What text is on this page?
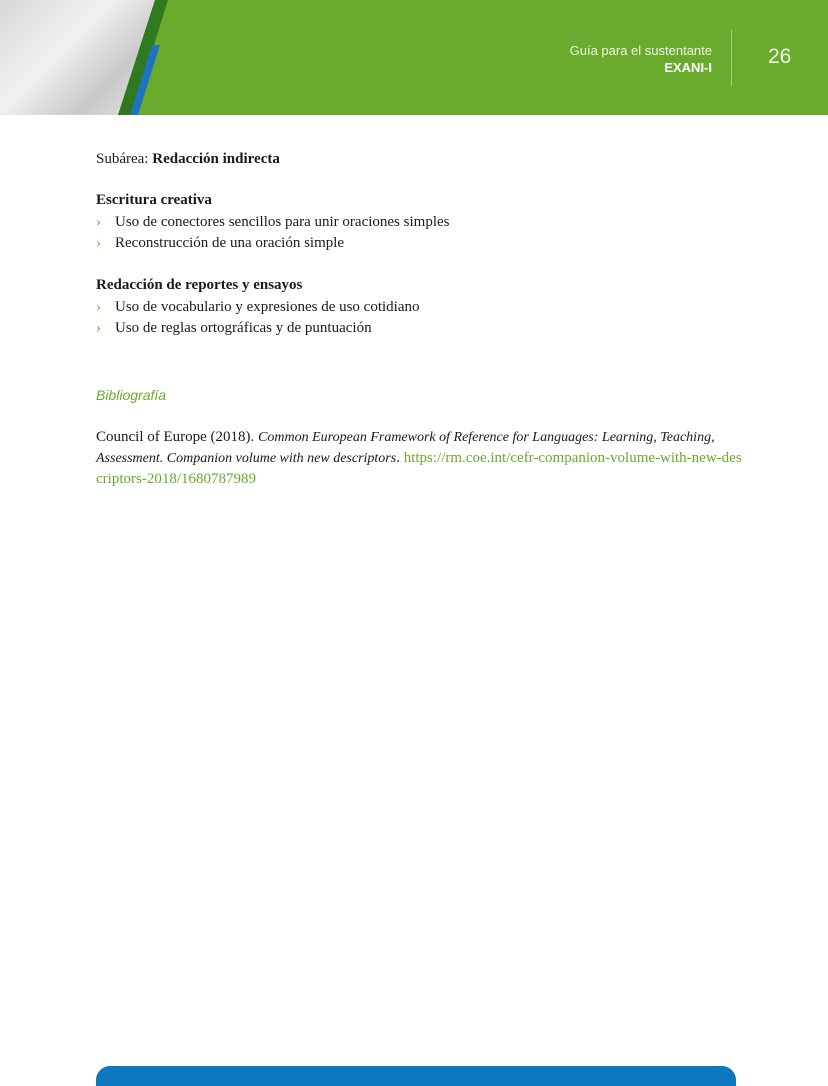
Guía para el sustentante
EXANI-I	26
Subárea: Redacción indirecta
Escritura creativa
› Uso de conectores sencillos para unir oraciones simples
› Reconstrucción de una oración simple
Redacción de reportes y ensayos
› Uso de vocabulario y expresiones de uso cotidiano
› Uso de reglas ortográficas y de puntuación
Bibliografía
Council of Europe (2018). Common European Framework of Reference for Languages: Learning, Teaching, Assessment. Companion volume with new descriptors. https://rm.coe.int/cefr-companion-volume-with-new-descriptors-2018/1680787989
